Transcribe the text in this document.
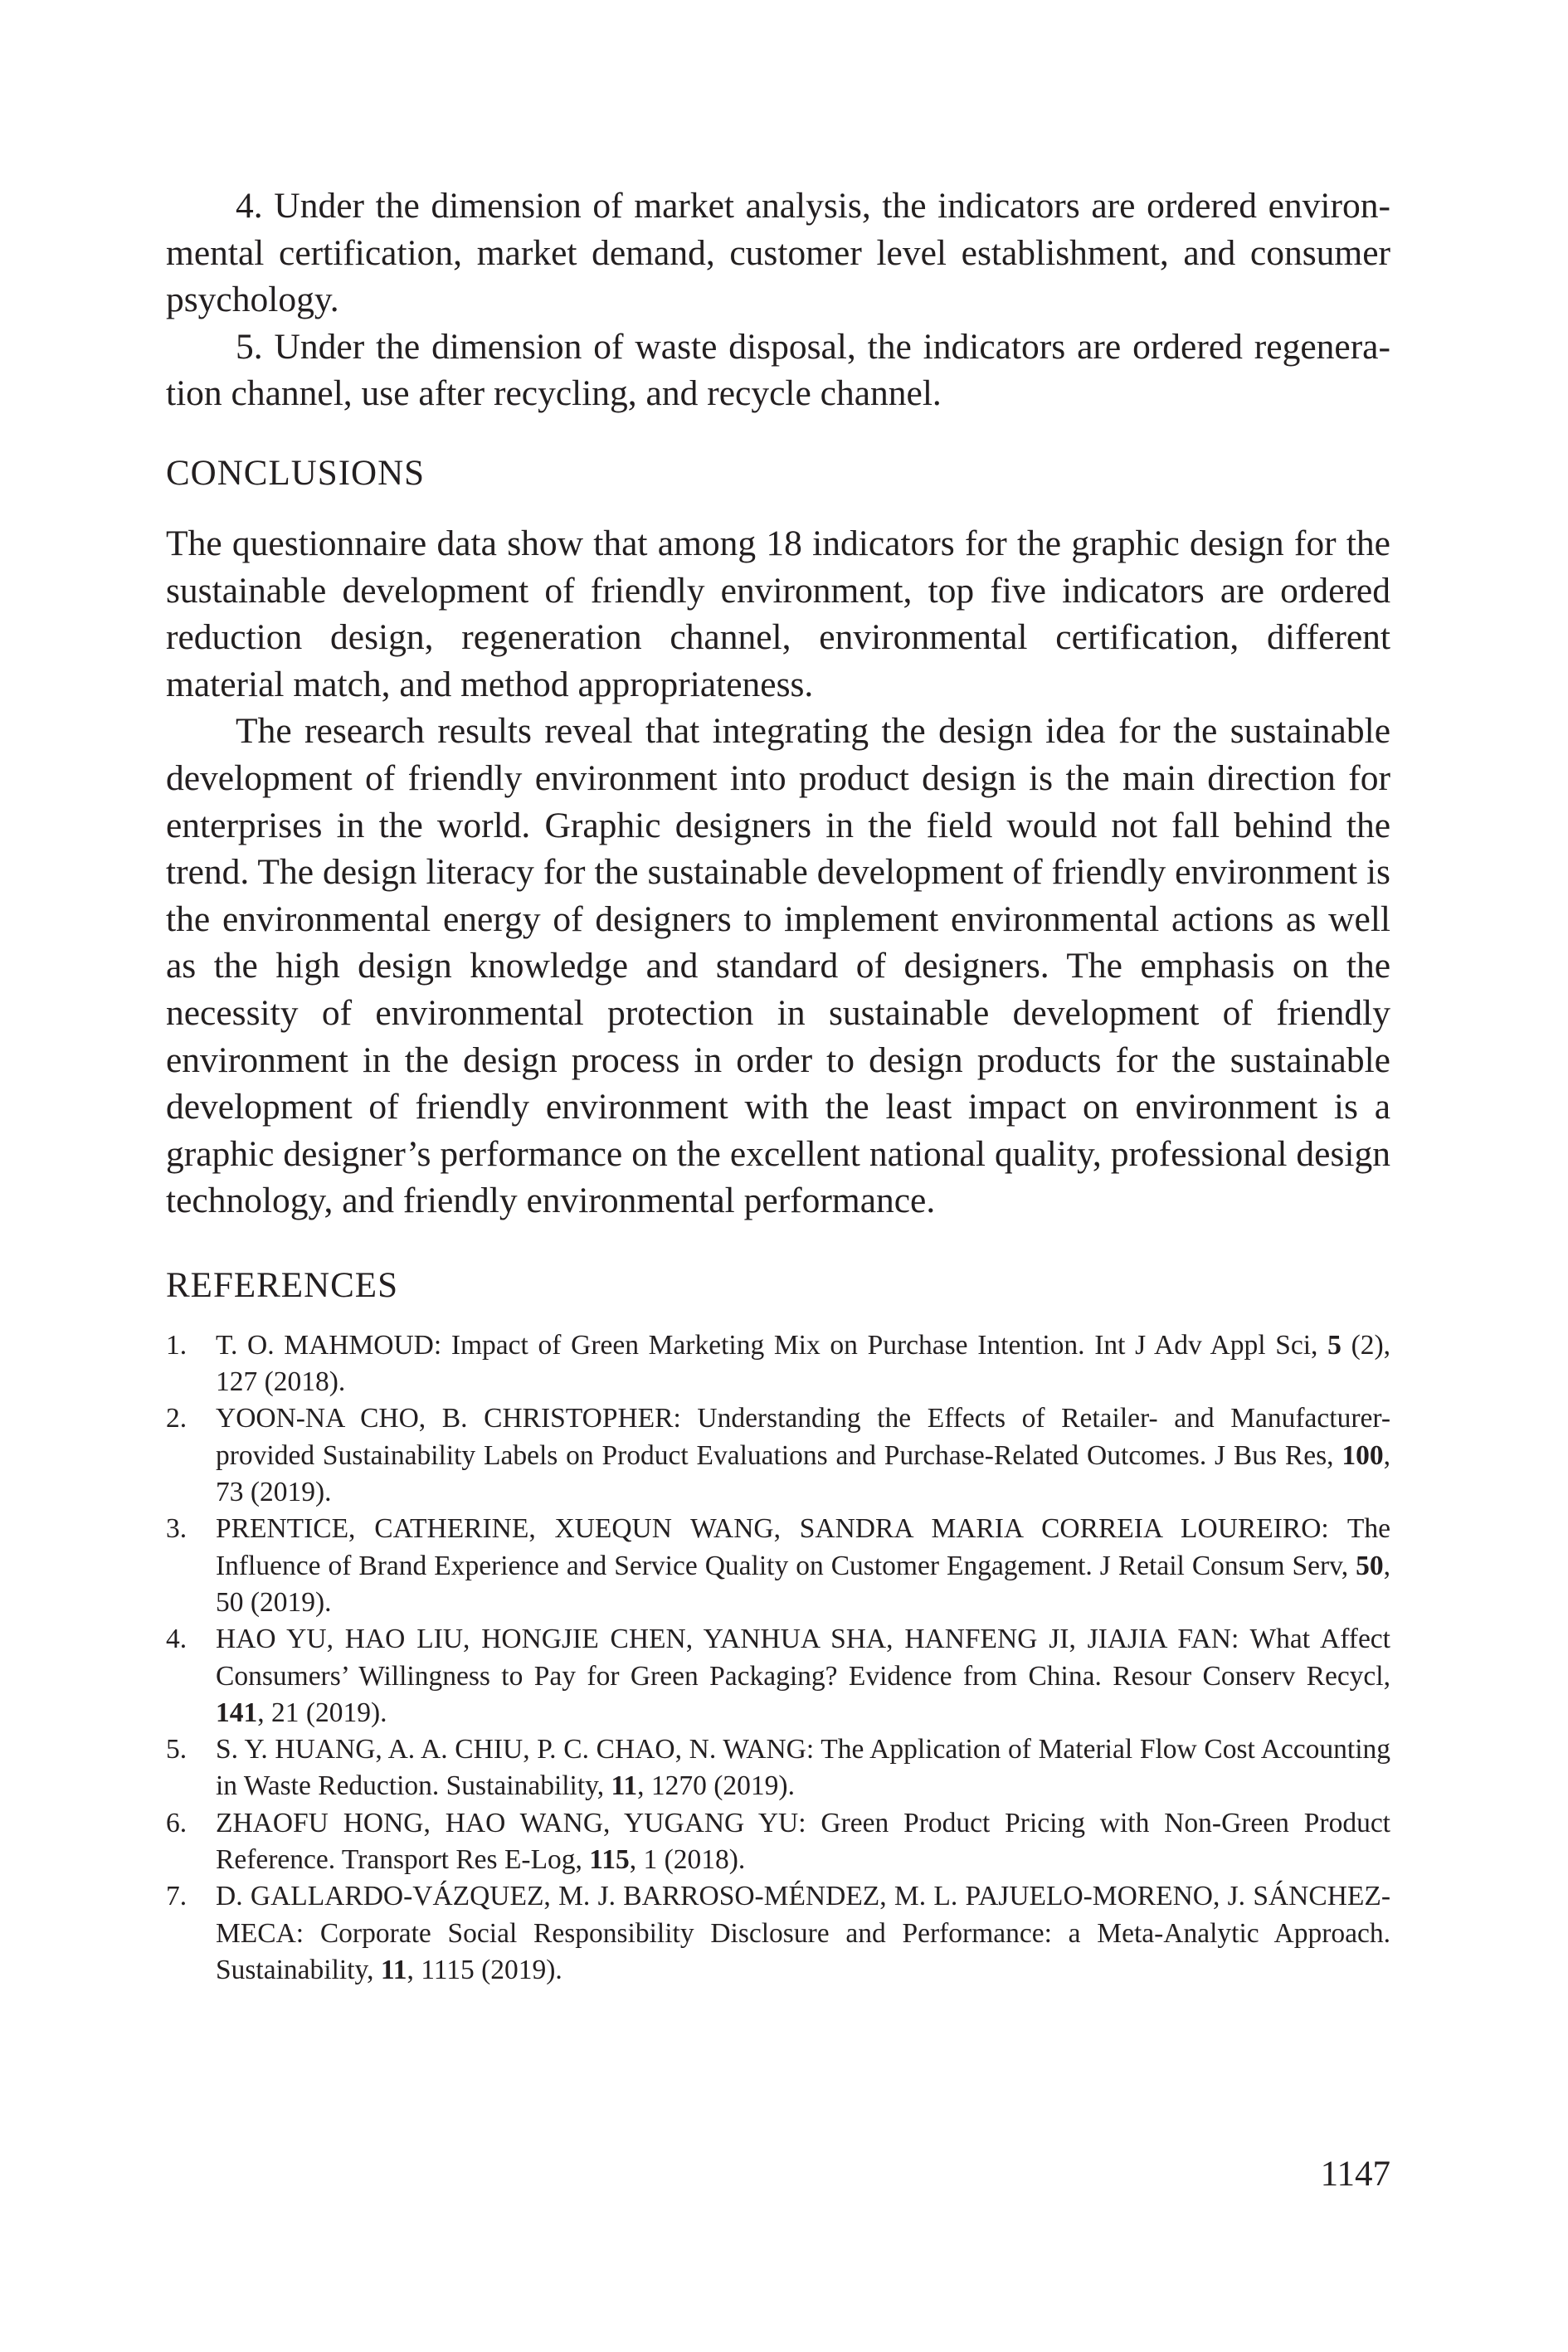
4. Under the dimension of market analysis, the indicators are ordered environmental certification, market demand, customer level establishment, and consumer psychology.

5. Under the dimension of waste disposal, the indicators are ordered regeneration channel, use after recycling, and recycle channel.

CONCLUSIONS

The questionnaire data show that among 18 indicators for the graphic design for the sustainable development of friendly environment, top five indicators are ordered reduction design, regeneration channel, environmental certification, different material match, and method appropriateness.

The research results reveal that integrating the design idea for the sustainable development of friendly environment into product design is the main direction for enterprises in the world. Graphic designers in the field would not fall behind the trend. The design literacy for the sustainable development of friendly environment is the environmental energy of designers to implement environmental actions as well as the high design knowledge and standard of designers. The emphasis on the necessity of environmental protection in sustainable development of friendly environment in the design process in order to design products for the sustainable development of friendly environment with the least impact on environment is a graphic designer’s performance on the excellent national quality, professional design technology, and friendly environmental performance.

REFERENCES
1. T. O. MAHMOUD: Impact of Green Marketing Mix on Purchase Intention. Int J Adv Appl Sci, 5 (2), 127 (2018).
2. YOON-NA CHO, B. CHRISTOPHER: Understanding the Effects of Retailer- and Manufacturer-provided Sustainability Labels on Product Evaluations and Purchase-Related Outcomes. J Bus Res, 100, 73 (2019).
3. PRENTICE, CATHERINE, XUEQUN WANG, SANDRA MARIA CORREIA LOUREIRO: The Influence of Brand Experience and Service Quality on Customer Engagement. J Retail Consum Serv, 50, 50 (2019).
4. HAO YU, HAO LIU, HONGJIE CHEN, YANHUA SHA, HANFENG JI, JIAJIA FAN: What Affect Consumers’ Willingness to Pay for Green Packaging? Evidence from China. Resour Conserv Recycl, 141, 21 (2019).
5. S. Y. HUANG, A. A. CHIU, P. C. CHAO, N. WANG: The Application of Material Flow Cost Accounting in Waste Reduction. Sustainability, 11, 1270 (2019).
6. ZHAOFU HONG, HAO WANG, YUGANG YU: Green Product Pricing with Non-Green Product Reference. Transport Res E-Log, 115, 1 (2018).
7. D. GALLARDO-VÁZQUEZ, M. J. BARROSO-MÉNDEZ, M. L. PAJUELO-MORENO, J. SÁNCHEZ-MECA: Corporate Social Responsibility Disclosure and Performance: a Meta-Analytic Approach. Sustainability, 11, 1115 (2019).
1147
